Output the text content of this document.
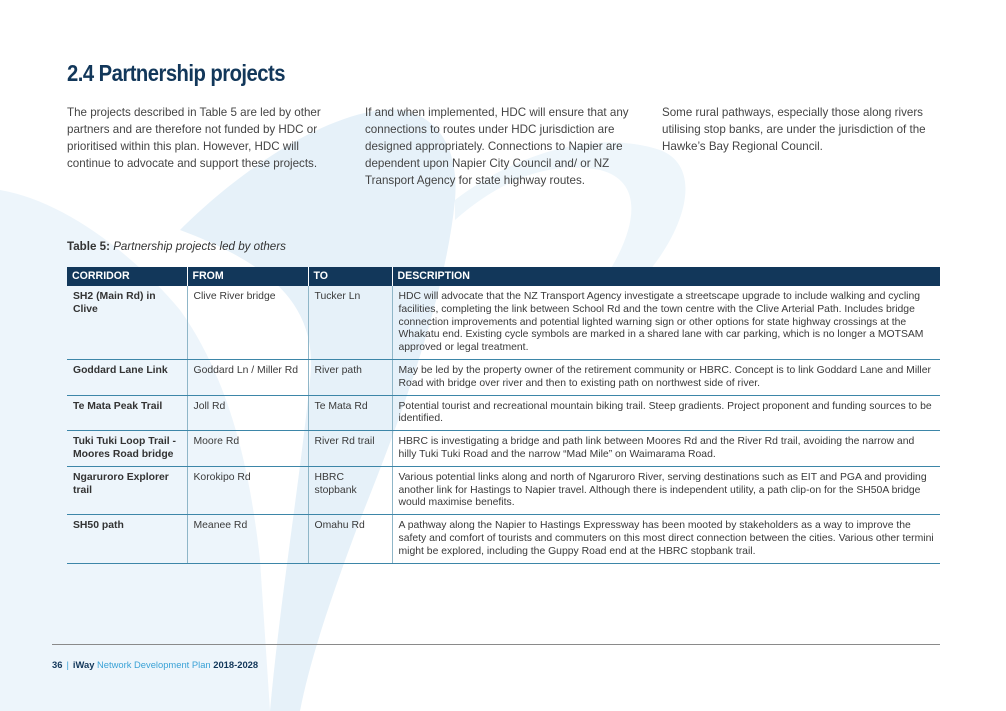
2.4 Partnership projects

The projects described in Table 5 are led by other partners and are therefore not funded by HDC or prioritised within this plan. However, HDC will continue to advocate and support these projects.

If and when implemented, HDC will ensure that any connections to routes under HDC jurisdiction are designed appropriately. Connections to Napier are dependent upon Napier City Council and/ or NZ Transport Agency for state highway routes.

Some rural pathways, especially those along rivers utilising stop banks, are under the jurisdiction of the Hawke’s Bay Regional Council.

Table 5: Partnership projects led by others
CORRIDOR	FROM	TO	DESCRIPTION
SH2 (Main Rd) in Clive	Clive River bridge	Tucker Ln	HDC will advocate that the NZ Transport Agency investigate a streetscape upgrade to include walking and cycling facilities, completing the link between School Rd and the town centre with the Clive Arterial Path. Includes bridge connection improvements and potential lighted warning sign or other options for state highway crossings at the Whakatu end. Existing cycle symbols are marked in a shared lane with car parking, which is no longer a MOTSAM approved or legal treatment.
Goddard Lane Link	Goddard Ln / Miller Rd	River path	May be led by the property owner of the retirement community or HBRC. Concept is to link Goddard Lane and Miller Road with bridge over river and then to existing path on northwest side of river.
Te Mata Peak Trail	Joll Rd	Te Mata Rd	Potential tourist and recreational mountain biking trail. Steep gradients. Project proponent and funding sources to be identified.
Tuki Tuki Loop Trail - Moores Road bridge	Moore Rd	River Rd trail	HBRC is investigating a bridge and path link between Moores Rd and the River Rd trail, avoiding the narrow and hilly Tuki Tuki Road and the narrow “Mad Mile” on Waimarama Road.
Ngaruroro Explorer trail	Korokipo Rd	HBRC stopbank	Various potential links along and north of Ngaruroro River, serving destinations such as EIT and PGA and providing another link for Hastings to Napier travel. Although there is independent utility, a path clip-on for the SH50A bridge would maximise benefits.
SH50 path	Meanee Rd	Omahu Rd	A pathway along the Napier to Hastings Expressway has been mooted by stakeholders as a way to improve the safety and comfort of tourists and commuters on this most direct connection between the cities. Various other termini might be explored, including the Guppy Road end at the HBRC stopbank trail.
36 | iWay Network Development Plan 2018-2028
